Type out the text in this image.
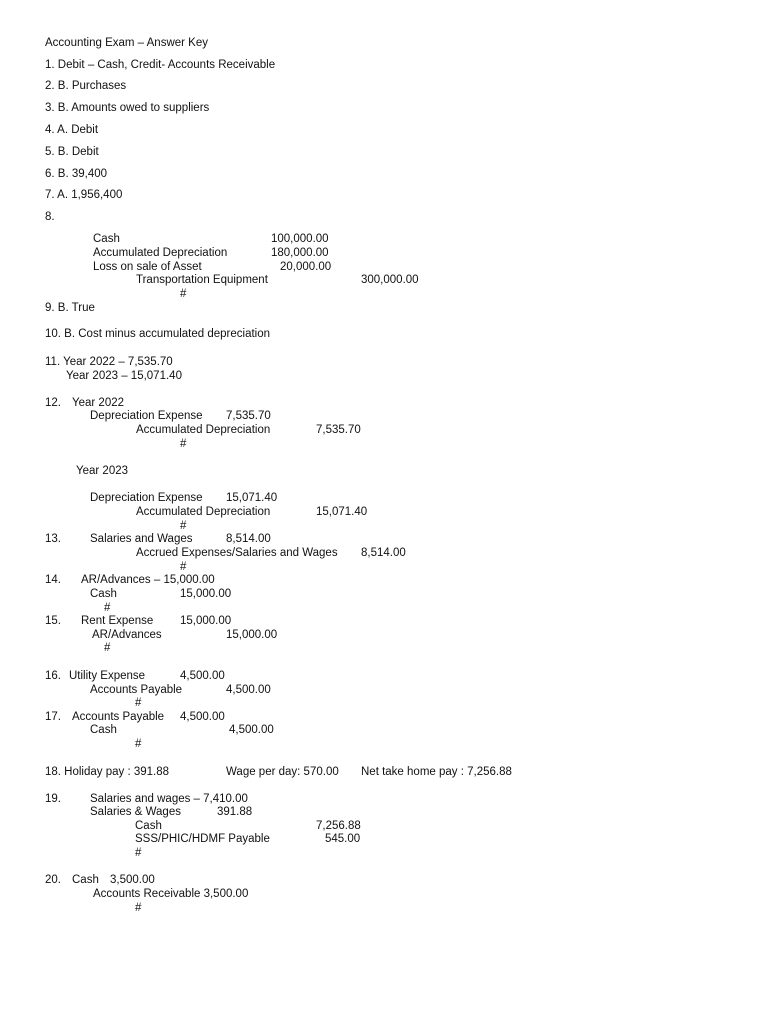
Accounting Exam – Answer Key
1. Debit – Cash, Credit- Accounts Receivable
2. B. Purchases
3. B. Amounts owed to suppliers
4. A. Debit
5. B. Debit
6. B. 39,400
7. A. 1,956,400
8.
Cash	100,000.00
Accumulated Depreciation	180,000.00
Loss on sale of Asset	20,000.00
Transportation Equipment	300,000.00
#
9. B. True
10. B. Cost minus accumulated depreciation
11. Year 2022 – 7,535.70
Year 2023 – 15,071.40
12. Year 2022
Depreciation Expense 7,535.70
Accumulated Depreciation	7,535.70
#
Year 2023
Depreciation Expense 15,071.40
Accumulated Depreciation	15,071.40
#
13.	Salaries and Wages	8,514.00
Accrued Expenses/Salaries and Wages 8,514.00
#
14. AR/Advances – 15,000.00
Cash	15,000.00
#
15. Rent Expense 15,000.00
AR/Advances	15,000.00
#
16. Utility Expense	4,500.00
Accounts Payable	4,500.00
#
17. Accounts Payable 4,500.00
Cash	4,500.00
#
18. Holiday pay : 391.88	Wage per day: 570.00 Net take home pay : 7,256.88
19.	Salaries and wages – 7,410.00
Salaries & Wages	391.88
Cash	7,256.88
SSS/PHIC/HDMF Payable	545.00
#
20. Cash 3,500.00
Accounts Receivable 3,500.00
#
